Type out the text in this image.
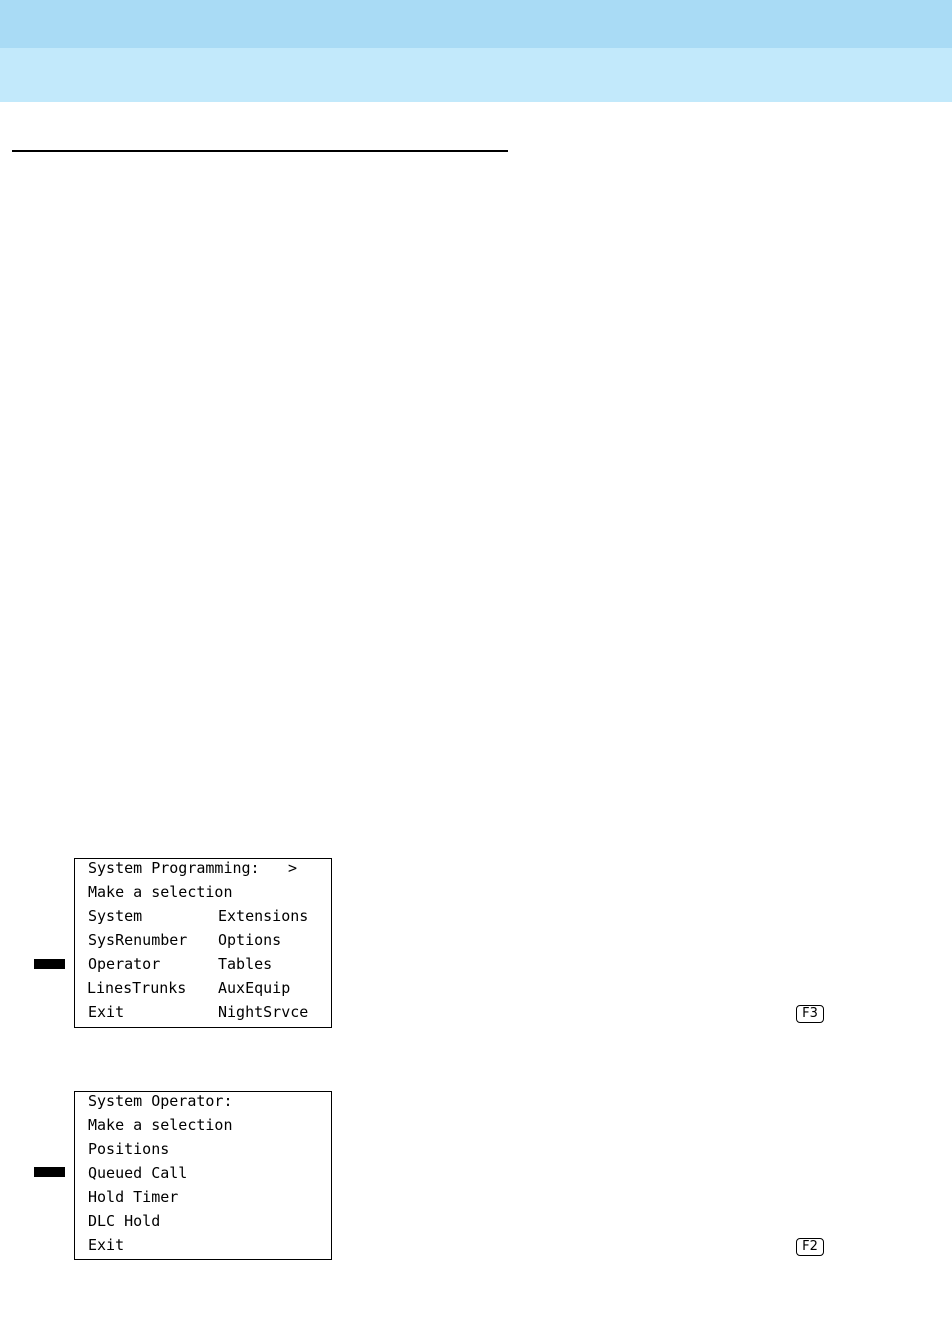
System Programming: >
Make a selection
System	Extensions
SysRenumber Options
Operator	Tables
LinesTrunks AuxEquip
Exit	NightSrvce	F3
System Operator:
Make a selection
Positions
Queued Call
Hold Timer
DLC Hold
Exit	F2
